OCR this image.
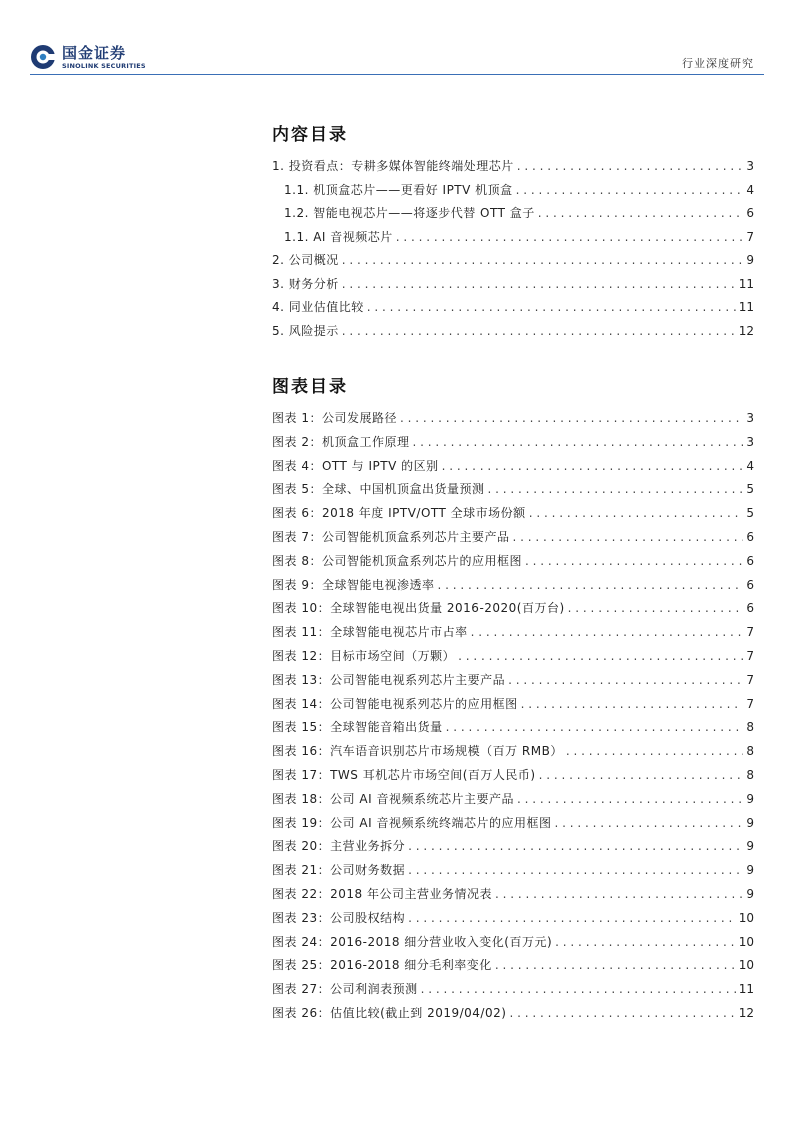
国金证券
SINOLINK SECURITIES	行业深度研究
内容目录
1. 投资看点：专耕多媒体智能终端处理芯片 . . .	3
1.1. 机顶盒芯片——更看好 IPTV 机顶盒 . . .	4
1.2. 智能电视芯片——将逐步代替 OTT 盒子 . . .	6
1.1. AI 音视频芯片 . . .	7
2. 公司概况 . . .	9
3. 财务分析 . . .	11
4. 同业估值比较 . . .	11
5. 风险提示 . . .	12
图表目录
图表 1：公司发展路径 . . .	3
图表 2：机顶盒工作原理 . . .	3
图表 4：OTT 与 IPTV 的区别 . . .	4
图表 5：全球、中国机顶盒出货量预测 . . .	5
图表 6：2018 年度 IPTV/OTT 全球市场份额 . . .	5
图表 7：公司智能机顶盒系列芯片主要产品 . . .	6
图表 8：公司智能机顶盒系列芯片的应用框图 . . .	6
图表 9：全球智能电视渗透率 . . .	6
图表 10：全球智能电视出货量 2016-2020(百万台) . . .	6
图表 11：全球智能电视芯片市占率 . . .	7
图表 12：目标市场空间（万颗） . . .	7
图表 13：公司智能电视系列芯片主要产品 . . .	7
图表 14：公司智能电视系列芯片的应用框图 . . .	7
图表 15：全球智能音箱出货量 . . .	8
图表 16：汽车语音识别芯片市场规模（百万 RMB） . . .	8
图表 17：TWS 耳机芯片市场空间(百万人民币) . . .	8
图表 18：公司 AI 音视频系统芯片主要产品 . . .	9
图表 19：公司 AI 音视频系统终端芯片的应用框图 . . .	9
图表 20：主营业务拆分 . . .	9
图表 21：公司财务数据 . . .	9
图表 22：2018 年公司主营业务情况表 . . .	9
图表 23：公司股权结构 . . .	10
图表 24：2016-2018 细分营业收入变化(百万元) . . .	10
图表 25：2016-2018 细分毛利率变化 . . .	10
图表 27：公司利润表预测 . . .	11
图表 26：估值比较(截止到 2019/04/02) . . .	12
